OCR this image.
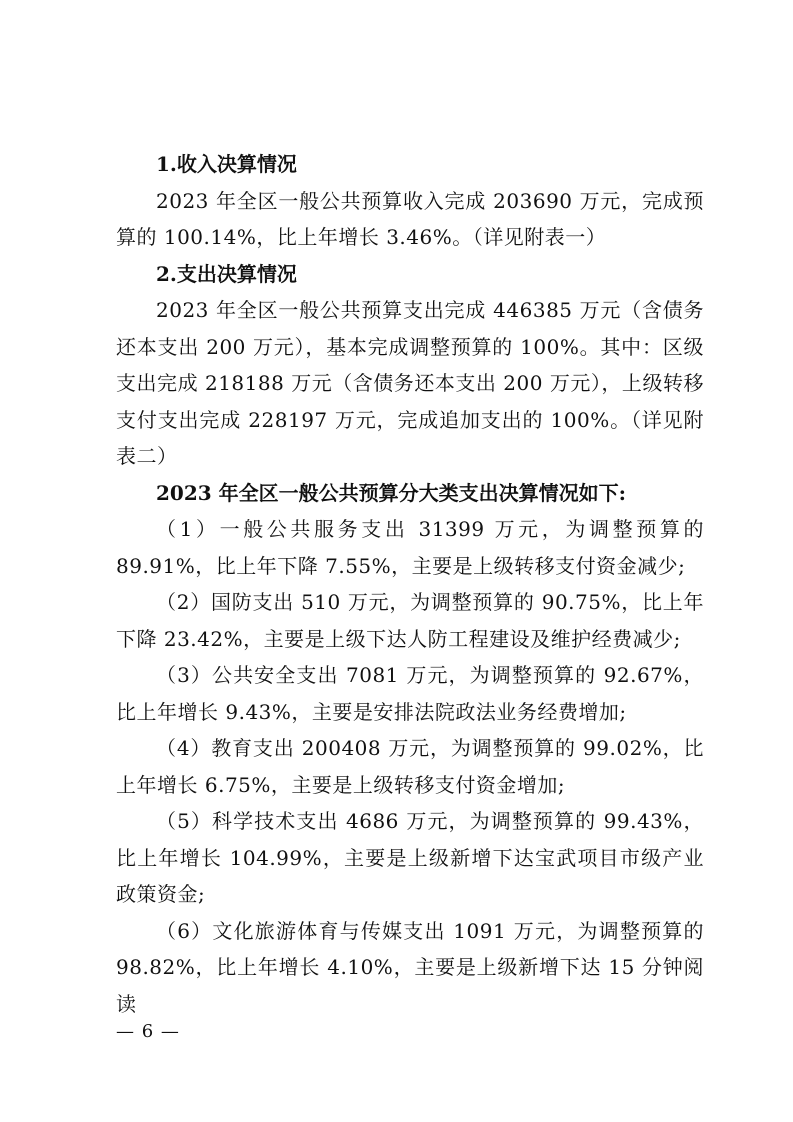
1.收入决算情况

2023 年全区一般公共预算收入完成 203690 万元，完成预算的 100.14%，比上年增长 3.46%。（详见附表一）

2.支出决算情况

2023 年全区一般公共预算支出完成 446385 万元（含债务还本支出 200 万元），基本完成调整预算的 100%。其中：区级支出完成 218188 万元（含债务还本支出 200 万元），上级转移支付支出完成 228197 万元，完成追加支出的 100%。（详见附表二）

2023 年全区一般公共预算分大类支出决算情况如下:

（1）一般公共服务支出 31399 万元，为调整预算的 89.91%，比上年下降 7.55%，主要是上级转移支付资金减少;

（2）国防支出 510 万元，为调整预算的 90.75%，比上年下降 23.42%，主要是上级下达人防工程建设及维护经费减少;

（3）公共安全支出 7081 万元，为调整预算的 92.67%，比上年增长 9.43%，主要是安排法院政法业务经费增加;

（4）教育支出 200408 万元，为调整预算的 99.02%，比上年增长 6.75%，主要是上级转移支付资金增加;

（5）科学技术支出 4686 万元，为调整预算的 99.43%，比上年增长 104.99%，主要是上级新增下达宝武项目市级产业政策资金;

（6）文化旅游体育与传媒支出 1091 万元，为调整预算的 98.82%，比上年增长 4.10%，主要是上级新增下达 15 分钟阅读

— 6 —
